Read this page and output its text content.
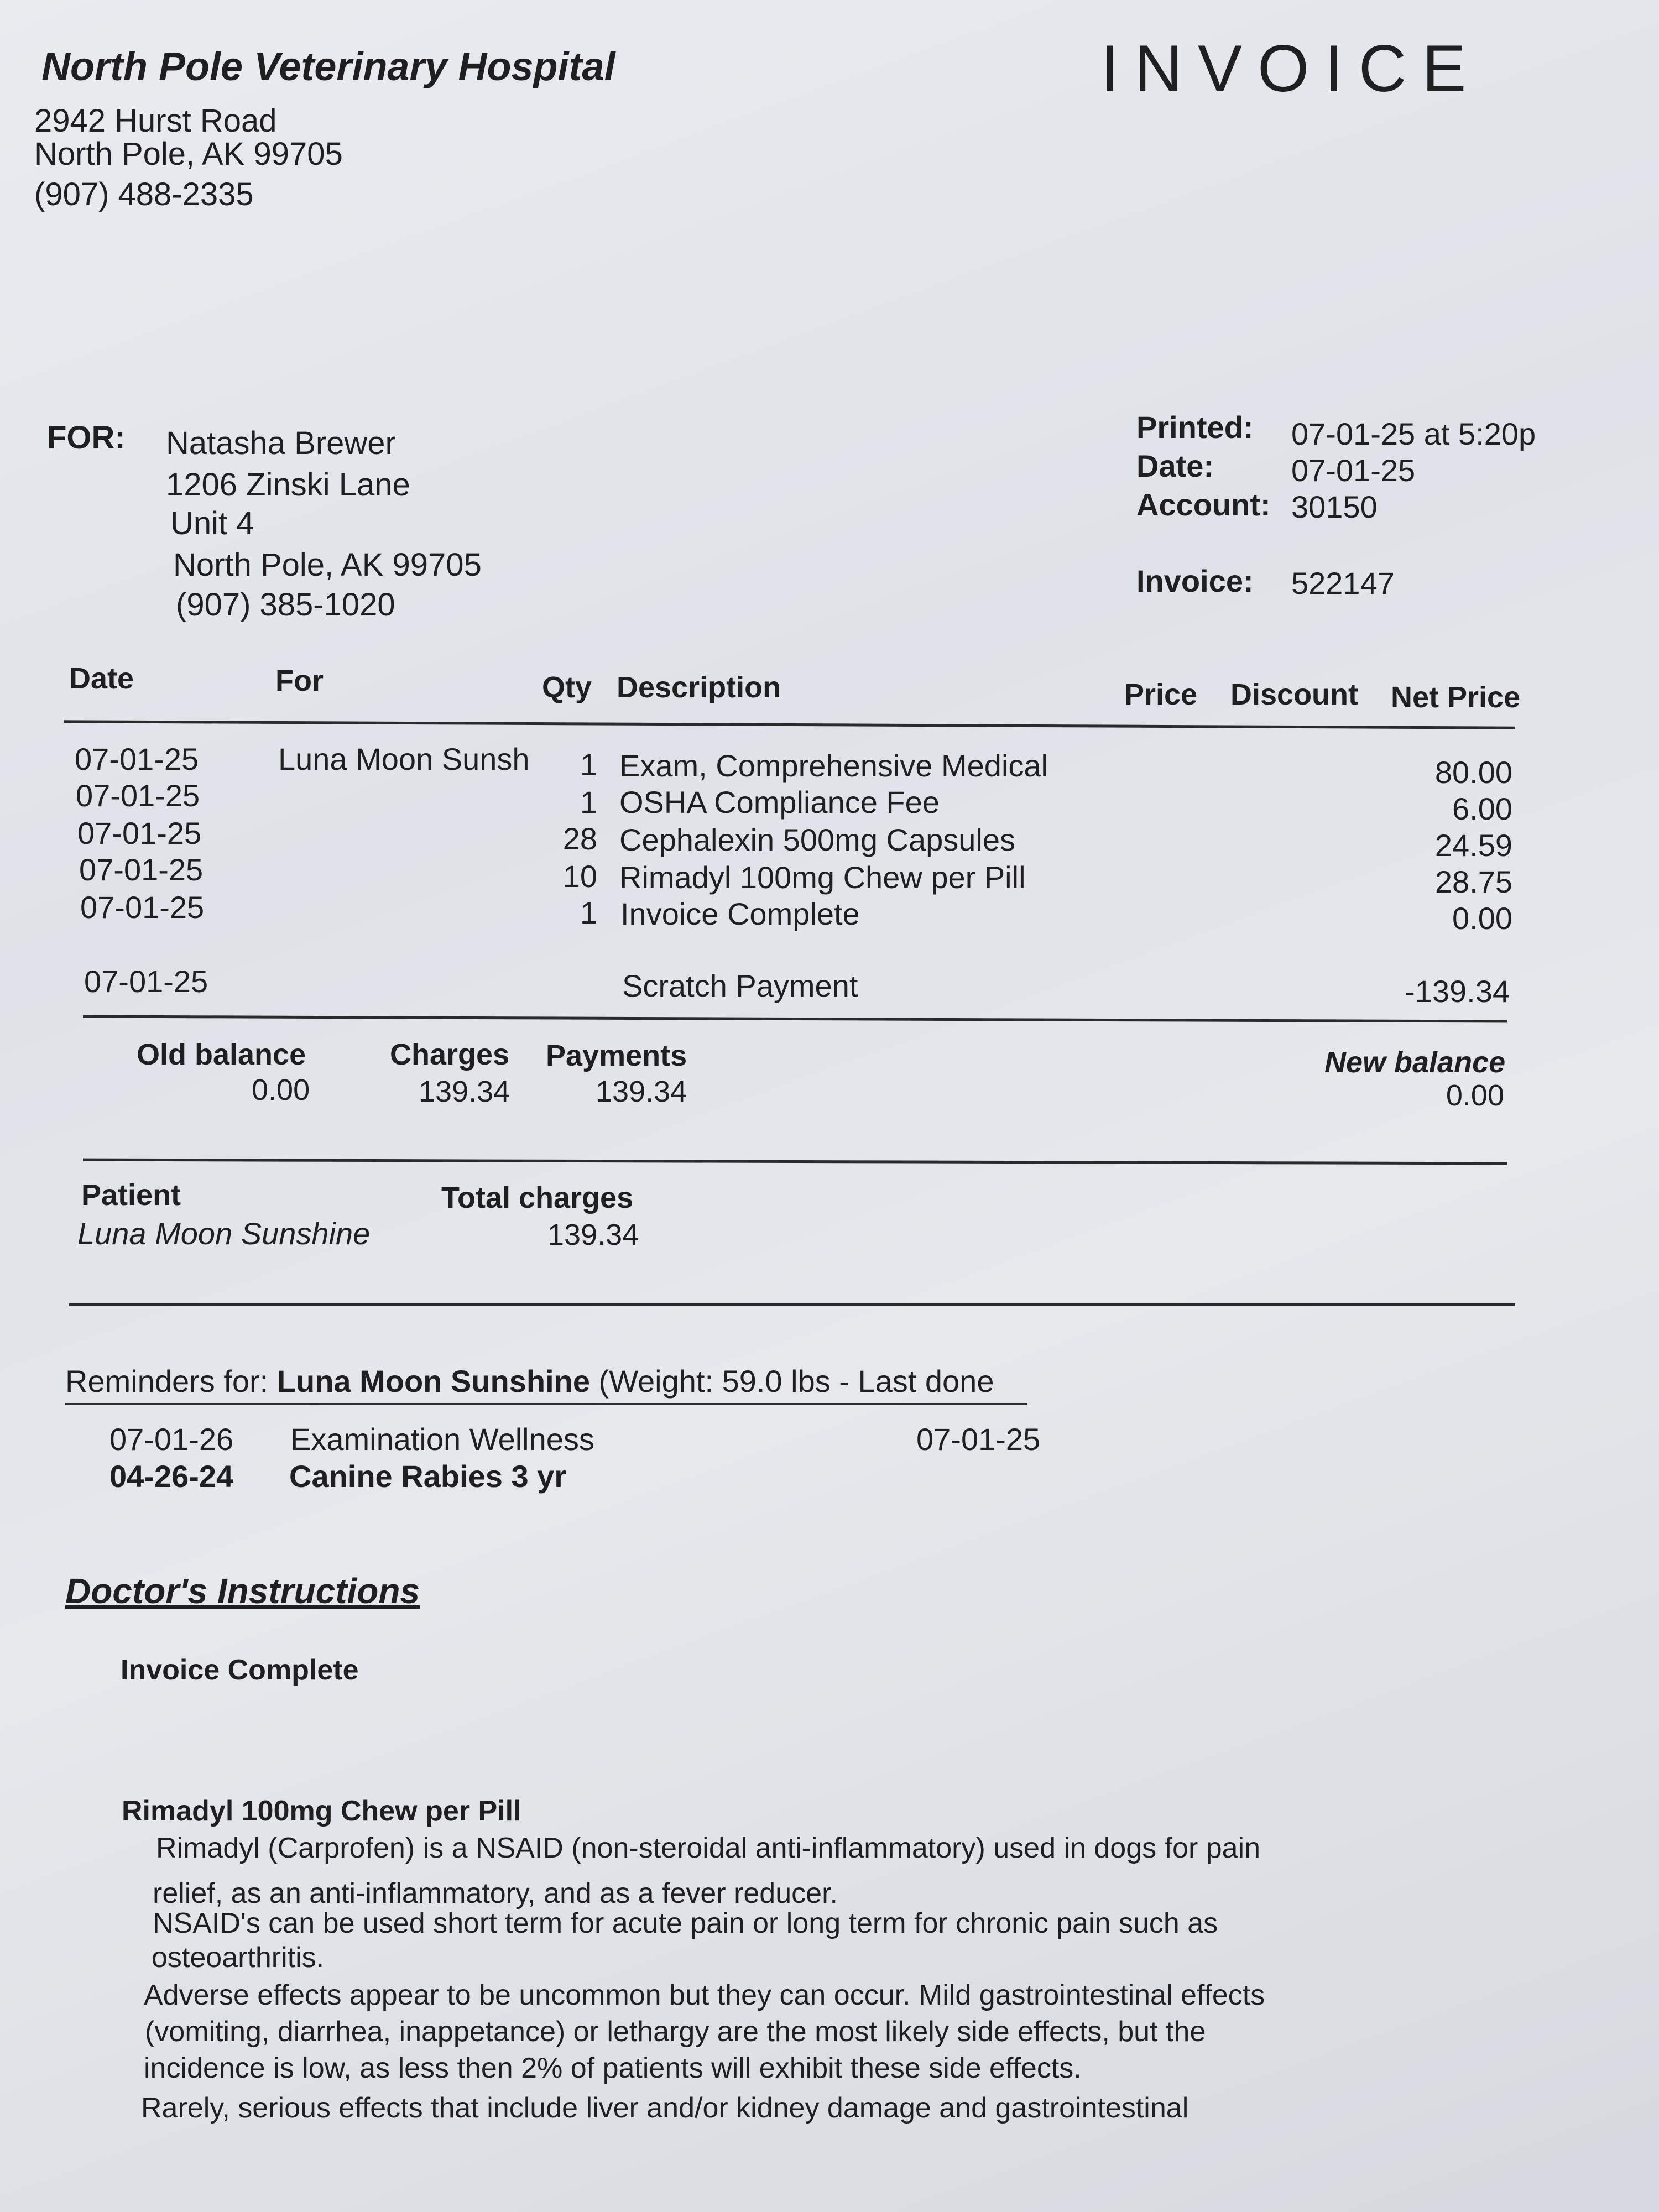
North Pole Veterinary Hospital
2942 Hurst Road
North Pole, AK 99705
(907) 488-2335
INVOICE
FOR: Natasha Brewer
1206 Zinski Lane
Unit 4
North Pole, AK 99705
(907) 385-1020
Printed: 07-01-25 at 5:20p
Date: 07-01-25
Account: 30150
Invoice: 522147
Date	For	Qty Description	Price Discount Net Price
07-01-25	Luna Moon Sunsh	1 Exam, Comprehensive Medical	80.00
07-01-25	1 OSHA Compliance Fee	6.00
07-01-25	28 Cephalexin 500mg Capsules	24.59
07-01-25	10 Rimadyl 100mg Chew per Pill	28.75
07-01-25	1 Invoice Complete	0.00
07-01-25	Scratch Payment	-139.34
Old balance
0.00
Charges
139.34
Payments
139.34
New balance
0.00
Patient
Luna Moon Sunshine
Total charges
139.34
Reminders for: Luna Moon Sunshine (Weight: 59.0 lbs - Last done
07-01-26 Examination Wellness	07-01-25
04-26-24 Canine Rabies 3 yr
Doctor's Instructions
Invoice Complete
Rimadyl 100mg Chew per Pill
Rimadyl (Carprofen) is a NSAID (non-steroidal anti-inflammatory) used in dogs for pain
relief, as an anti-inflammatory, and as a fever reducer.
NSAID's can be used short term for acute pain or long term for chronic pain such as
osteoarthritis.
Adverse effects appear to be uncommon but they can occur. Mild gastrointestinal effects
(vomiting, diarrhea, inappetance) or lethargy are the most likely side effects, but the
incidence is low, as less then 2% of patients will exhibit these side effects.
Rarely, serious effects that include liver and/or kidney damage and gastrointestinal
